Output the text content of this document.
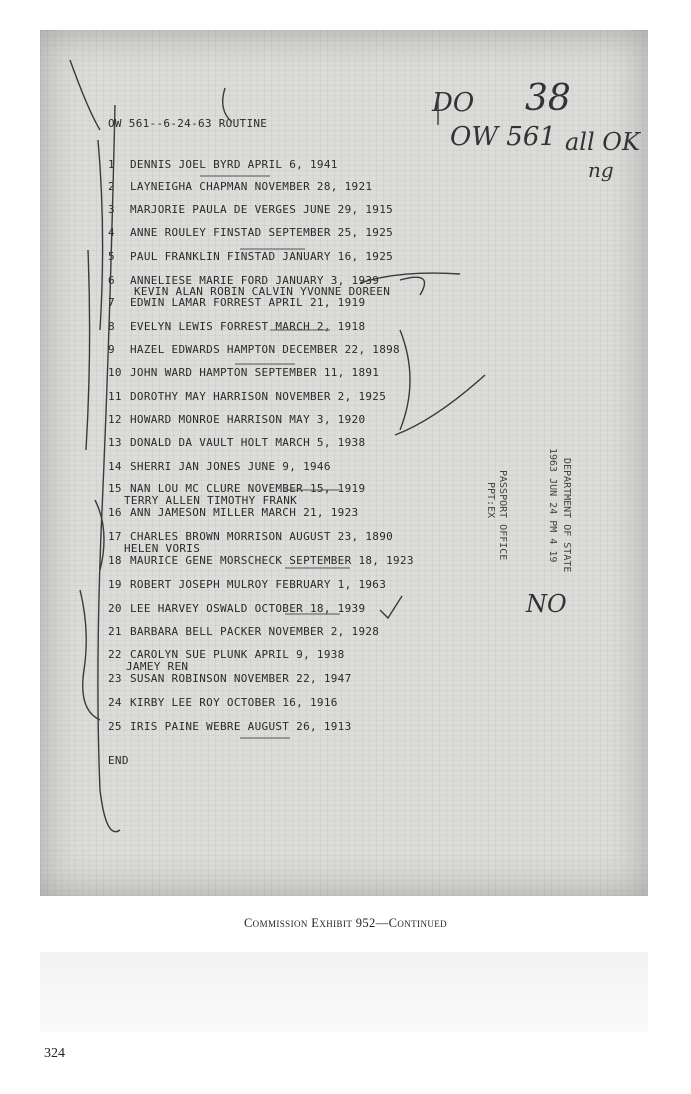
OW 561--6-24-63 ROUTINE
1 DENNIS JOEL BYRD APRIL 6, 1941
2 LAYNEIGHA CHAPMAN NOVEMBER 28, 1921
3 MARJORIE PAULA DE VERGES JUNE 29, 1915
4 ANNE ROULEY FINSTAD SEPTEMBER 25, 1925
5 PAUL FRANKLIN FINSTAD JANUARY 16, 1925
6 ANNELIESE MARIE FORD JANUARY 3, 1939
KEVIN ALAN ROBIN CALVIN YVONNE DOREEN
7 EDWIN LAMAR FORREST APRIL 21, 1919
8 EVELYN LEWIS FORREST MARCH 2, 1918
9 HAZEL EDWARDS HAMPTON DECEMBER 22, 1898
10 JOHN WARD HAMPTON SEPTEMBER 11, 1891
11 DOROTHY MAY HARRISON NOVEMBER 2, 1925
12 HOWARD MONROE HARRISON MAY 3, 1920
13 DONALD DA VAULT HOLT MARCH 5, 1938
14 SHERRI JAN JONES JUNE 9, 1946
15 NAN LOU MC CLURE NOVEMBER 15, 1919
TERRY ALLEN TIMOTHY FRANK
16 ANN JAMESON MILLER MARCH 21, 1923
17 CHARLES BROWN MORRISON AUGUST 23, 1890
HELEN VORIS
18 MAURICE GENE MORSCHECK SEPTEMBER 18, 1923
19 ROBERT JOSEPH MULROY FEBRUARY 1, 1963
20 LEE HARVEY OSWALD OCTOBER 18, 1939
21 BARBARA BELL PACKER NOVEMBER 2, 1928
22 CAROLYN SUE PLUNK APRIL 9, 1938
JAMEY REN
23 SUSAN ROBINSON NOVEMBER 22, 1947
24 KIRBY LEE ROY OCTOBER 16, 1916
25 IRIS PAINE WEBRE AUGUST 26, 1913
END
DO 38
OW 561 all OK
ng
NO
DEPARTMENT OF STATE
1963 JUN 24 PM 4 19
PASSPORT OFFICE
PPT:EX
Commission Exhibit 952—Continued
324
